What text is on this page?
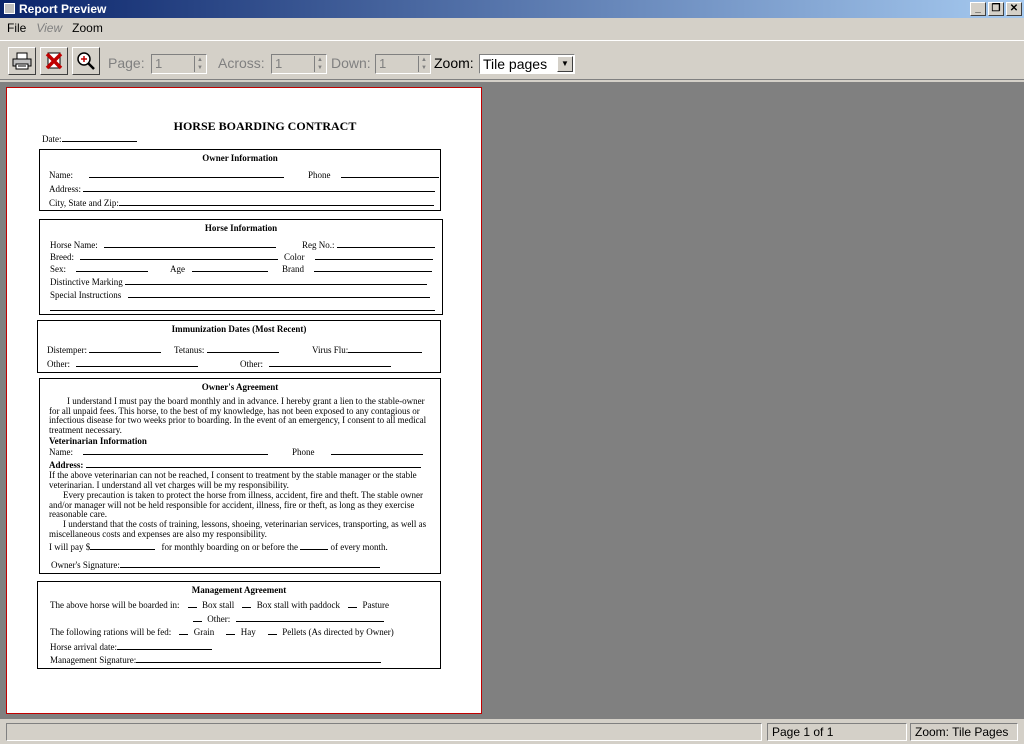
Report Preview	_	❐ ✕
File View Zoom
Page: 1	▲
▼ Across: 1	▲
▼ Down: 1	▲
▼ Zoom: Tile pages	▼
HORSE BOARDING CONTRACT
Date:
Owner Information
Name:	Phone
Address:
City, State and Zip:
Horse Information
Horse Name:	Reg No.:
Breed:	Color
Sex:	Age	Brand
Distinctive Marking
Special Instructions
Immunization Dates (Most Recent)
Distemper:	Tetanus:	Virus Flu:
Other:	Other:
Owner's Agreement
I understand I must pay the board monthly and in advance. I hereby grant a lien to the stable-owner for all unpaid fees. This horse, to the best of my knowledge, has not been exposed to any contagious or infectious disease for two weeks prior to boarding. In the event of an emergency, I consent to all medical treatment necessary.
Veterinarian Information
Name:	Phone
Address:
If the above veterinarian can not be reached, I consent to treatment by the stable manager or the stable veterinarian. I understand all vet charges will be my responsibility.
Every precaution is taken to protect the horse from illness, accident, fire and theft. The stable owner and/or manager will not be held responsible for accident, illness, fire or theft, as long as they exercise reasonable care.
I understand that the costs of training, lessons, shoeing, veterinarian services, transporting, as well as miscellaneous costs and expenses are also my responsibility.
I will pay $	for monthly boarding on or before the	of every month.
Owner's Signature:
Management Agreement
The above horse will be boarded in:	Box stall	Box stall with paddock	Pasture
Other:
The following rations will be fed:	Grain	Hay	Pellets (As directed by Owner)
Horse arrival date:
Management Signature:
Page 1 of 1	Zoom: Tile Pages
